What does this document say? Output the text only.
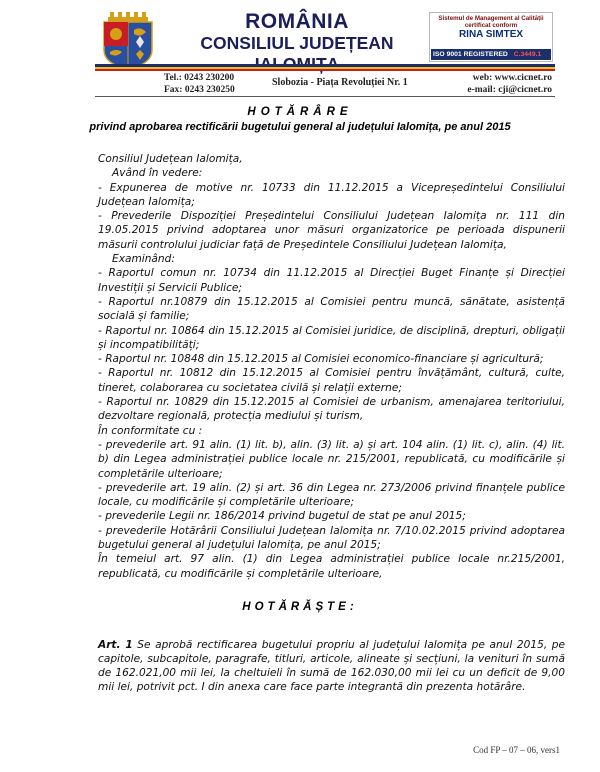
ROMÂNIA
CONSILIUL JUDEȚEAN
Sistemul de Management al Calității
certificat conform
RINA SIMTEX
ISO 9001 REGISTERED C.3449.1
Tel.: 0243 230200
Fax: 0243 230250
Slobozia - Piața Revoluției Nr. 1	web: www.cicnet.ro
e-mail: cji@cicnet.ro
HOTĂRÂRE
privind aprobarea rectificării bugetului general al județului Ialomița, pe anul 2015

Consiliul Județean Ialomița,

Având în vedere:

- Expunerea de motive nr. 10733 din 11.12.2015 a Vicepreședintelui Consiliului Județean Ialomița;

- Prevederile Dispoziției Președintelui Consiliului Județean Ialomița nr. 111 din 19.05.2015 privind adoptarea unor măsuri organizatorice pe perioada dispunerii măsurii controlului judiciar față de Președintele Consiliului Județean Ialomița,

Examinând:

- Raportul comun nr. 10734 din 11.12.2015 al Direcției Buget Finanțe și Direcției Investiții și Servicii Publice;

- Raportul nr.10879 din 15.12.2015 al Comisiei pentru muncă, sănătate, asistență socială și familie;

- Raportul nr. 10864 din 15.12.2015 al Comisiei juridice, de disciplină, drepturi, obligații și incompatibilități;

- Raportul nr. 10848 din 15.12.2015 al Comisiei economico-financiare și agricultură;

- Raportul nr. 10812 din 15.12.2015 al Comisiei pentru învățământ, cultură, culte, tineret, colaborarea cu societatea civilă și relații externe;

- Raportul nr. 10829 din 15.12.2015 al Comisiei de urbanism, amenajarea teritoriului, dezvoltare regională, protecția mediului și turism,

În conformitate cu :

- prevederile art. 91 alin. (1) lit. b), alin. (3) lit. a) și art. 104 alin. (1) lit. c), alin. (4) lit. b) din Legea administrației publice locale nr. 215/2001, republicată, cu modificările și completările ulterioare;

- prevederile art. 19 alin. (2) și art. 36 din Legea nr. 273/2006 privind finanțele publice locale, cu modificările și completările ulterioare;

- prevederile Legii nr. 186/2014 privind bugetul de stat pe anul 2015;

- prevederile Hotărârii Consiliului Județean Ialomița nr. 7/10.02.2015 privind adoptarea bugetului general al județului Ialomița, pe anul 2015;

În temeiul art. 97 alin. (1) din Legea administrației publice locale nr.215/2001, republicată, cu modificările și completările ulterioare,

HOTĂRĂȘTE:

Art. 1 Se aprobă rectificarea bugetului propriu al județului Ialomița pe anul 2015, pe capitole, subcapitole, paragrafe, titluri, articole, alineate și secțiuni, la venituri în sumă de 162.021,00 mii lei, la cheltuieli în sumă de 162.030,00 mii lei cu un deficit de 9,00 mii lei, potrivit pct. I din anexa care face parte integrantă din prezenta hotărâre.

Cod FP – 07 – 06, vers1
